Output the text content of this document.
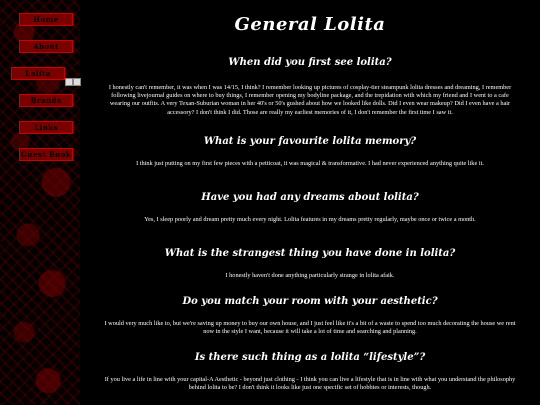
Home
About
Lolita
Brands
Links
Guest Book
General Lolita
When did you first see lolita?

I honestly can't remember, it was when I was 14/15, I think? I remember looking up pictures of cosplay-tier steampunk lolita dresses and dreaming, I remember following livejournal guides on where to buy things, I remember opening my bodyline package, and the trepidation with which my friend and I went to a cafe wearing our outfits. A very Texan-Suburian woman in her 40's or 50's gushed about how we looked like dolls. Did I even wear makeup? Did I even have a hair accessory? I don't think I did. Those are really my earliest memories of it, I don't remember the first time I saw it.

What is your favourite lolita memory?

I think just putting on my first few pieces with a petticoat, it was magical & transformative. I had never experienced anything quite like it.

Have you had any dreams about lolita?

Yes, I sleep poorly and dream pretty much every night. Lolita features in my dreams pretty regularly, maybe once or twice a month.

What is the strangest thing you have done in lolita?

I honestly haven't done anything particularly strange in lolita afaik.

Do you match your room with your aesthetic?

I would very much like to, but we're saving up money to buy our own house, and I just feel like it's a bit of a waste to spend too much decorating the house we rent now in the style I want, because it will take a lot of time and searching and planning.

Is there such thing as a lolita “lifestyle”?

If you live a life in line with your capital-A Aesthetic - beyond just clothing - I think you can live a lifestyle that is in line with what you understand the philosophy behind lolita to be? I don't think it looks like just one specific set of hobbies or interests, though.
